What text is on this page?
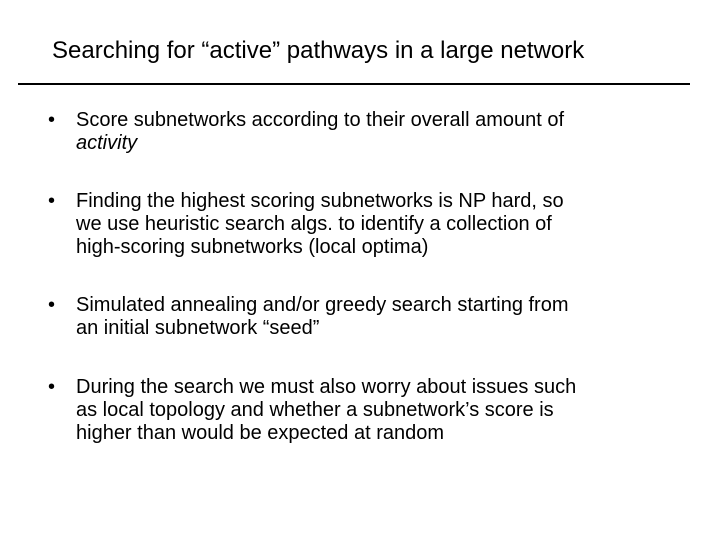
Searching for “active” pathways in a large network
•	Score subnetworks according to their overall amount of
activity
•	Finding the highest scoring subnetworks is NP hard, so
we use heuristic search algs. to identify a collection of
high-scoring subnetworks (local optima)
•	Simulated annealing and/or greedy search starting from
an initial subnetwork “seed”
•	During the search we must also worry about issues such
as local topology and whether a subnetwork’s score is
higher than would be expected at random
